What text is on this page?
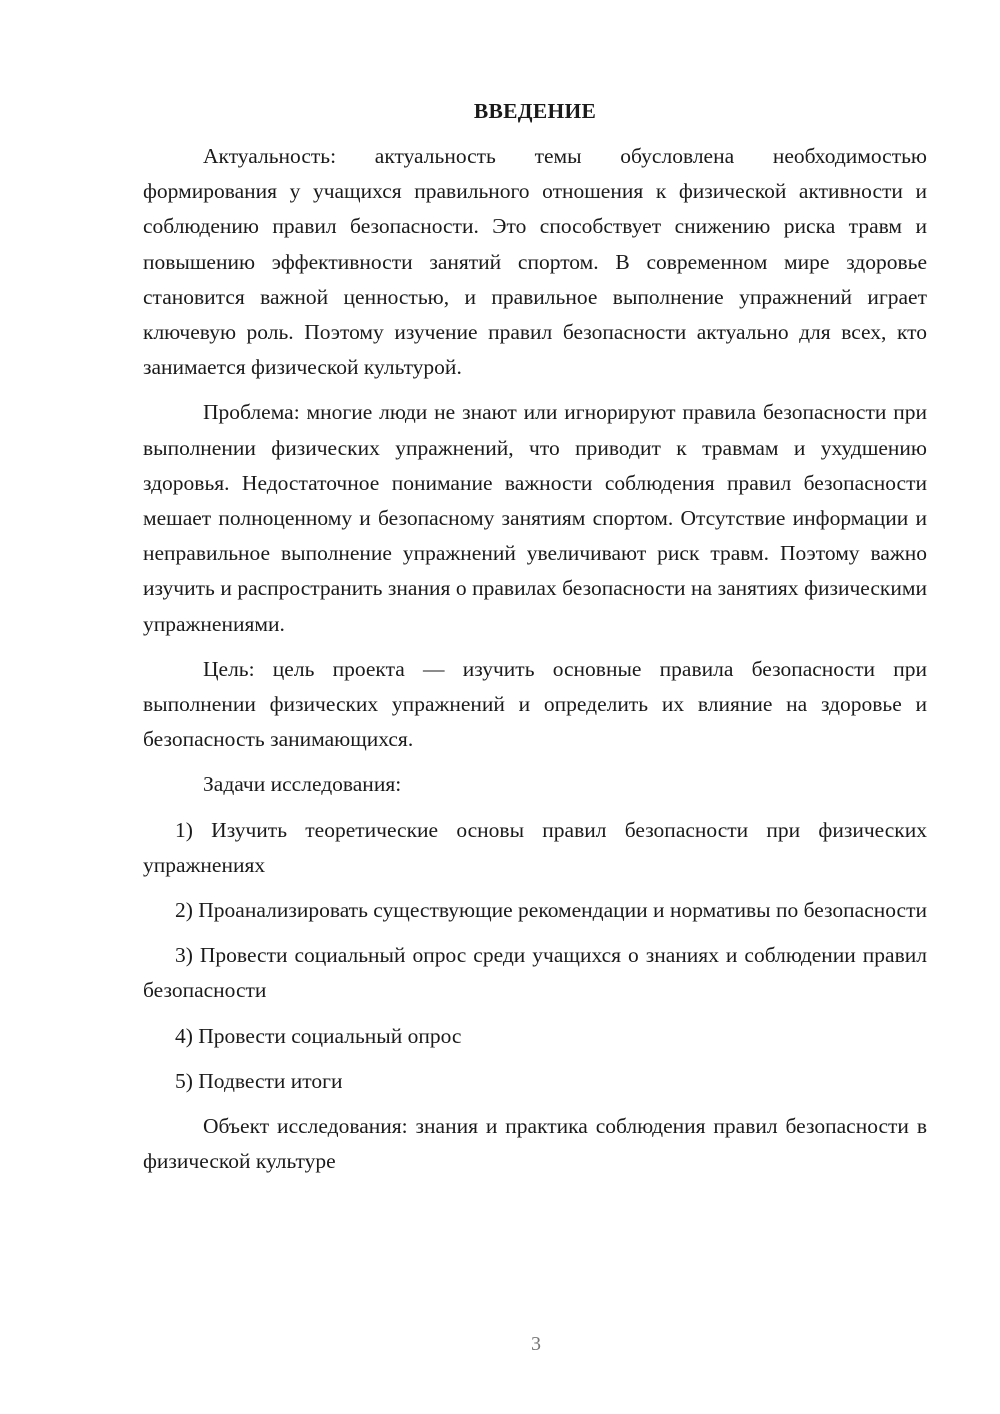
ВВЕДЕНИЕ

Актуальность: актуальность темы обусловлена необходимостью формирования у учащихся правильного отношения к физической активности и соблюдению правил безопасности. Это способствует снижению риска травм и повышению эффективности занятий спортом. В современном мире здоровье становится важной ценностью, и правильное выполнение упражнений играет ключевую роль. Поэтому изучение правил безопасности актуально для всех, кто занимается физической культурой.

Проблема: многие люди не знают или игнорируют правила безопасности при выполнении физических упражнений, что приводит к травмам и ухудшению здоровья. Недостаточное понимание важности соблюдения правил безопасности мешает полноценному и безопасному занятиям спортом. Отсутствие информации и неправильное выполнение упражнений увеличивают риск травм. Поэтому важно изучить и распространить знания о правилах безопасности на занятиях физическими упражнениями.

Цель: цель проекта — изучить основные правила безопасности при выполнении физических упражнений и определить их влияние на здоровье и безопасность занимающихся.

Задачи исследования:

1) Изучить теоретические основы правил безопасности при физических упражнениях

2) Проанализировать существующие рекомендации и нормативы по безопасности

3) Провести социальный опрос среди учащихся о знаниях и соблюдении правил безопасности

4) Провести социальный опрос

5) Подвести итоги

Объект исследования: знания и практика соблюдения правил безопасности в физической культуре

3
